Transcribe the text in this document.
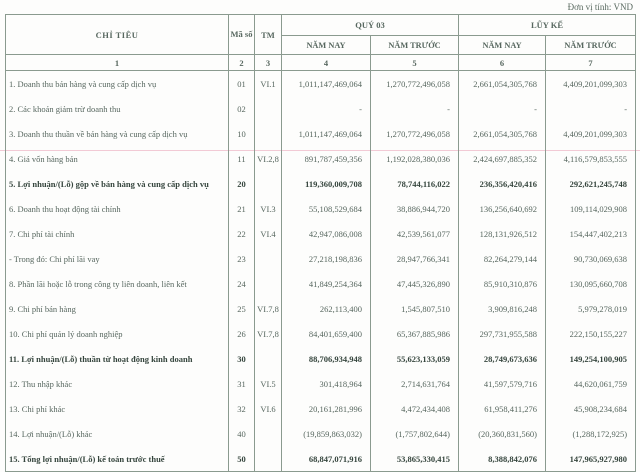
Đơn vị tính: VND
CHỈ TIÊU	Mã số	TM	QUÝ 03		LŨY KẾ	
			NĂM NAY	NĂM TRƯỚC	NĂM NAY	NĂM TRƯỚC
1	2	3	4	5	6	7
1. Doanh thu bán hàng và cung cấp dịch vụ	01	VI.1	1,011,147,469,064	1,270,772,496,058	2,661,054,305,768	4,409,201,099,303
2. Các khoản giảm trừ doanh thu	02		-	-	-	-
3. Doanh thu thuần về bán hàng và cung cấp dịch vụ	10		1,011,147,469,064	1,270,772,496,058	2,661,054,305,768	4,409,201,099,303
4. Giá vốn hàng bán	11	VI.2,8	891,787,459,356	1,192,028,380,036	2,424,697,885,352	4,116,579,853,555
5. Lợi nhuận/(Lỗ) gộp về bán hàng và cung cấp dịch vụ	20		119,360,009,708	78,744,116,022	236,356,420,416	292,621,245,748
6. Doanh thu hoạt động tài chính	21	VI.3	55,108,529,684	38,886,944,720	136,256,640,692	109,114,029,908
7. Chi phí tài chính	22	VI.4	42,947,086,008	42,539,561,077	128,131,926,512	154,447,402,213
- Trong đó: Chi phí lãi vay	23		27,218,198,836	28,947,766,341	82,264,279,144	90,730,069,638
8. Phần lãi hoặc lỗ trong công ty liên doanh, liên kết	24		41,849,254,364	47,445,326,890	85,910,310,876	130,095,660,708
9. Chi phí bán hàng	25	VI.7,8	262,113,400	1,545,807,510	3,909,816,248	5,979,278,019
10. Chi phí quản lý doanh nghiệp	26	VI.7,8	84,401,659,400	65,367,885,986	297,731,955,588	222,150,155,227
11. Lợi nhuận/(Lỗ) thuần từ hoạt động kinh doanh	30		88,706,934,948	55,623,133,059	28,749,673,636	149,254,100,905
12. Thu nhập khác	31	VI.5	301,418,964	2,714,631,764	41,597,579,716	44,620,061,759
13. Chi phí khác	32	VI.6	20,161,281,996	4,472,434,408	61,958,411,276	45,908,234,684
14. Lợi nhuận/(Lỗ) khác	40		(19,859,863,032)	(1,757,802,644)	(20,360,831,560)	(1,288,172,925)
15. Tổng lợi nhuận/(Lỗ) kế toán trước thuế	50		68,847,071,916	53,865,330,415	8,388,842,076	147,965,927,980
